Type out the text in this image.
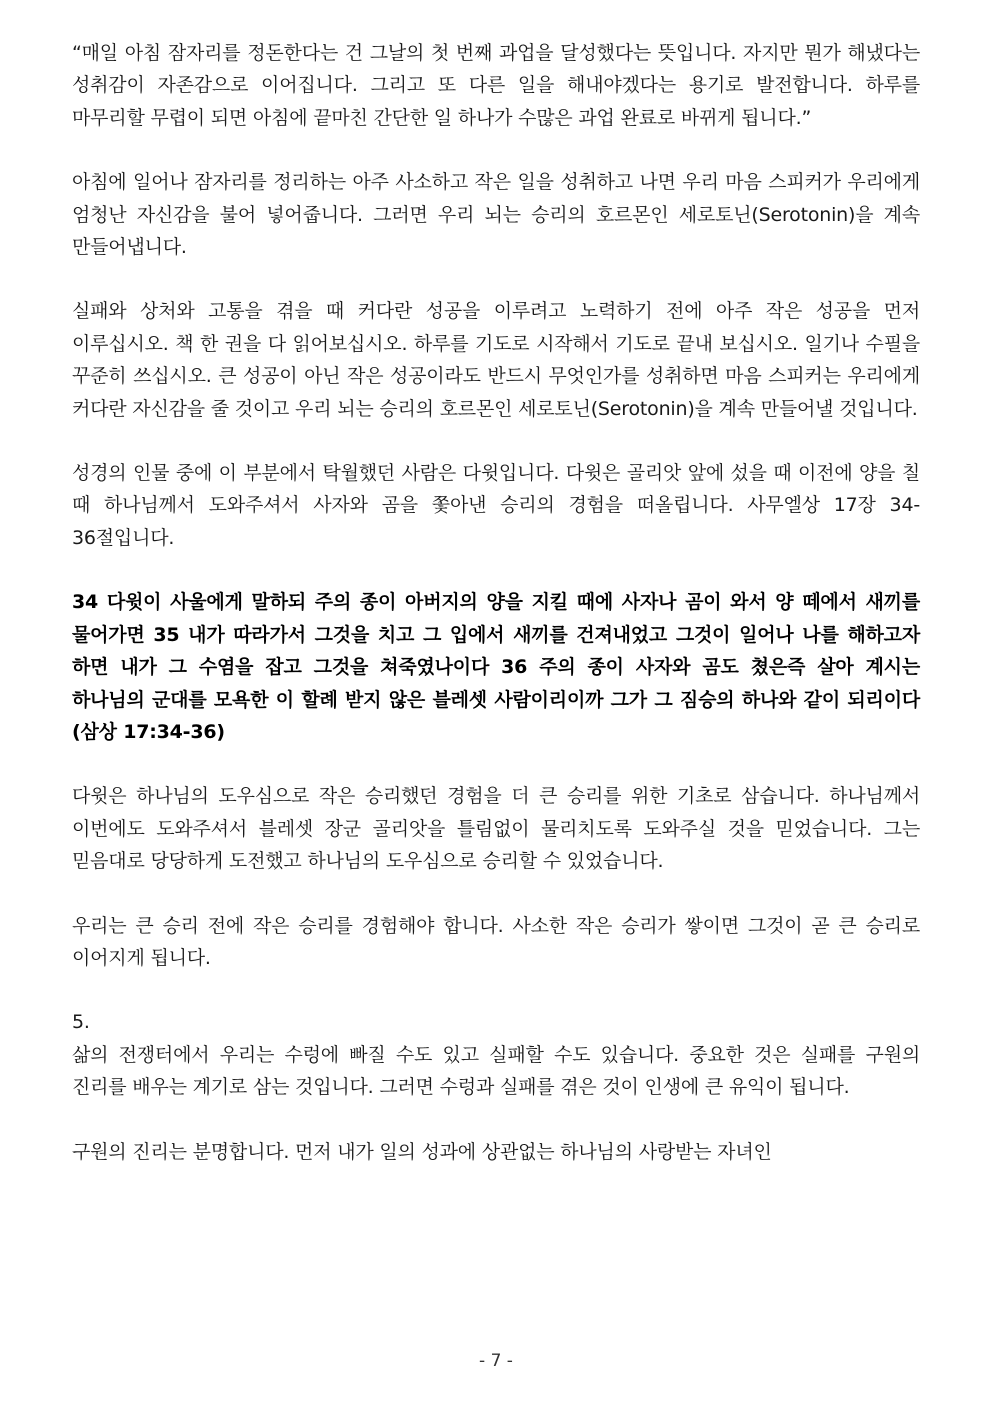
“매일 아침 잠자리를 정돈한다는 건 그날의 첫 번째 과업을 달성했다는 뜻입니다. 자지만 뭔가 해냈다는 성취감이 자존감으로 이어집니다. 그리고 또 다른 일을 해내야겠다는 용기로 발전합니다. 하루를 마무리할 무렵이 되면 아침에 끝마친 간단한 일 하나가 수많은 과업 완료로 바뀌게 됩니다.”

아침에 일어나 잠자리를 정리하는 아주 사소하고 작은 일을 성취하고 나면 우리 마음 스피커가 우리에게 엄청난 자신감을 불어 넣어줍니다. 그러면 우리 뇌는 승리의 호르몬인 세로토닌(Serotonin)을 계속 만들어냅니다.

실패와 상처와 고통을 겪을 때 커다란 성공을 이루려고 노력하기 전에 아주 작은 성공을 먼저 이루십시오. 책 한 권을 다 읽어보십시오. 하루를 기도로 시작해서 기도로 끝내 보십시오. 일기나 수필을 꾸준히 쓰십시오. 큰 성공이 아닌 작은 성공이라도 반드시 무엇인가를 성취하면 마음 스피커는 우리에게 커다란 자신감을 줄 것이고 우리 뇌는 승리의 호르몬인 세로토닌(Serotonin)을 계속 만들어낼 것입니다.

성경의 인물 중에 이 부분에서 탁월했던 사람은 다윗입니다. 다윗은 골리앗 앞에 섰을 때 이전에 양을 칠 때 하나님께서 도와주셔서 사자와 곰을 쫓아낸 승리의 경험을 떠올립니다. 사무엘상 17장 34-36절입니다.

34 다윗이 사울에게 말하되 주의 종이 아버지의 양을 지킬 때에 사자나 곰이 와서 양 떼에서 새끼를 물어가면 35 내가 따라가서 그것을 치고 그 입에서 새끼를 건져내었고 그것이 일어나 나를 해하고자 하면 내가 그 수염을 잡고 그것을 쳐죽였나이다 36 주의 종이 사자와 곰도 쳤은즉 살아 계시는 하나님의 군대를 모욕한 이 할례 받지 않은 블레셋 사람이리이까 그가 그 짐승의 하나와 같이 되리이다 (삼상 17:34-36)

다윗은 하나님의 도우심으로 작은 승리했던 경험을 더 큰 승리를 위한 기초로 삼습니다. 하나님께서 이번에도 도와주셔서 블레셋 장군 골리앗을 틀림없이 물리치도록 도와주실 것을 믿었습니다. 그는 믿음대로 당당하게 도전했고 하나님의 도우심으로 승리할 수 있었습니다.

우리는 큰 승리 전에 작은 승리를 경험해야 합니다. 사소한 작은 승리가 쌓이면 그것이 곧 큰 승리로 이어지게 됩니다.

5.

삶의 전쟁터에서 우리는 수렁에 빠질 수도 있고 실패할 수도 있습니다. 중요한 것은 실패를 구원의 진리를 배우는 계기로 삼는 것입니다. 그러면 수렁과 실패를 겪은 것이 인생에 큰 유익이 됩니다.

구원의 진리는 분명합니다. 먼저 내가 일의 성과에 상관없는 하나님의 사랑받는 자녀인

- 7 -
